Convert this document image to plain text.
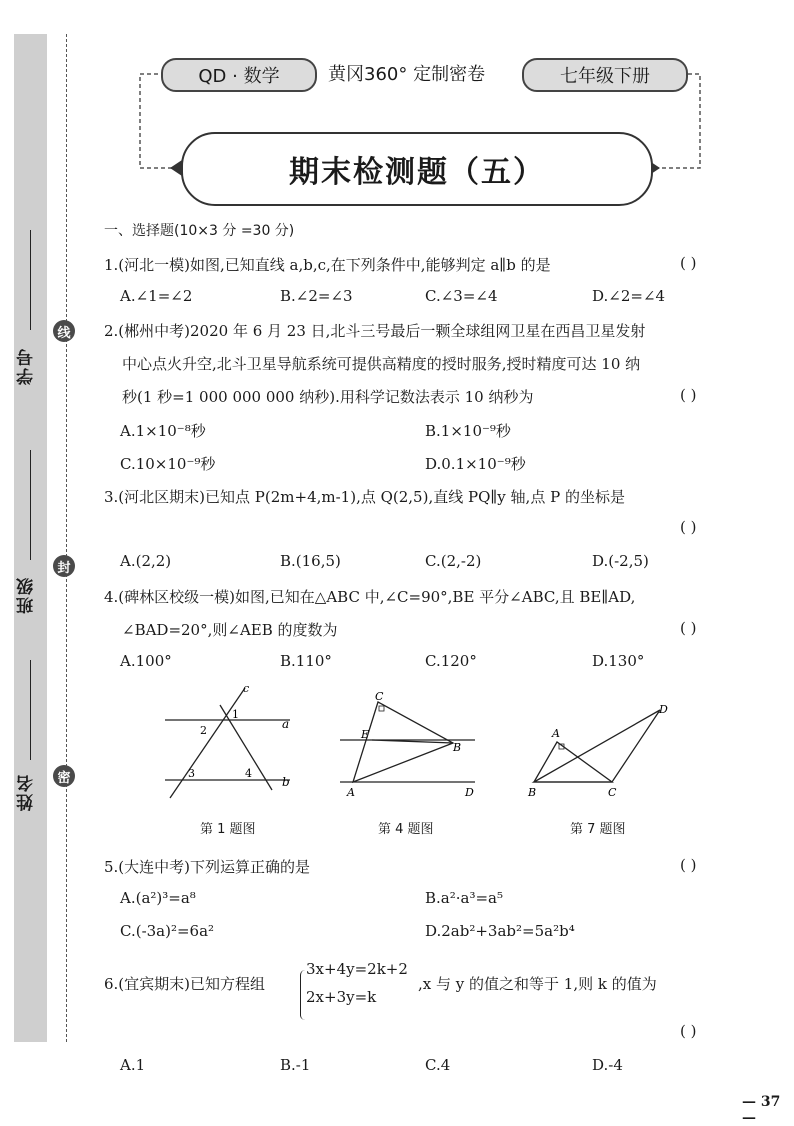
学号
班级
姓名
线
封
密
QD · 数学	黄冈360° 定制密卷	七年级下册
期末检测题（五）
一、选择题(10×3 分 =30 分)
1.(河北一模)如图,已知直线 a,b,c,在下列条件中,能够判定 a∥b 的是	( )
A.∠1=∠2	B.∠2=∠3	C.∠3=∠4	D.∠2=∠4
2.(郴州中考)2020 年 6 月 23 日,北斗三号最后一颗全球组网卫星在西昌卫星发射
中心点火升空,北斗卫星导航系统可提供高精度的授时服务,授时精度可达 10 纳
秒(1 秒=1 000 000 000 纳秒).用科学记数法表示 10 纳秒为	( )
A.1×10⁻⁸秒	B.1×10⁻⁹秒
C.10×10⁻⁹秒	D.0.1×10⁻⁹秒
3.(河北区期末)已知点 P(2m+4,m-1),点 Q(2,5),直线 PQ∥y 轴,点 P 的坐标是
( )
A.(2,2)	B.(16,5)	C.(2,-2)	D.(-2,5)
4.(碑林区校级一模)如图,已知在△ABC 中,∠C=90°,BE 平分∠ABC,且 BE∥AD,
∠BAD=20°,则∠AEB 的度数为	( )
A.100°	B.110°	C.120°	D.130°
c
1
a
2
3	4
b
第 1 题图
C
E
B
A	D
第 4 题图
A
D
B	C
第 7 题图
5.(大连中考)下列运算正确的是	( )
A.(a²)³=a⁸	B.a²·a³=a⁵
C.(-3a)²=6a²	D.2ab²+3ab²=5a²b⁴
6.(宜宾期末)已知方程组
3x+4y=2k+2
2x+3y=k
,x 与 y 的值之和等于 1,则 k 的值为
( )
A.1	B.-1	C.4	D.-4
— 37 —
